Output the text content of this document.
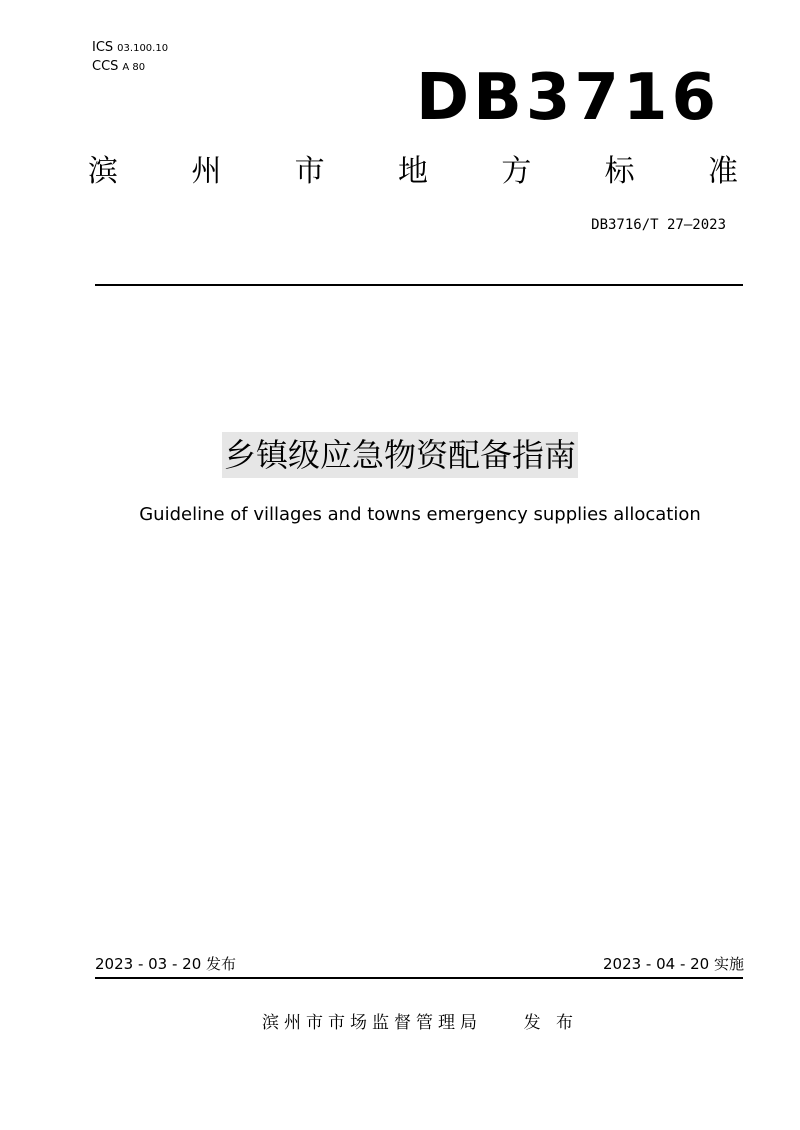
ICS 03.100.10
CCS A 80	DB3716
滨 州 市 地 方 标 准
DB3716/T 27—2023
乡镇级应急物资配备指南
Guideline of villages and towns emergency supplies allocation
2023 - 03 - 20 发布	2023 - 04 - 20 实施
滨州市市场监督管理局    发 布
